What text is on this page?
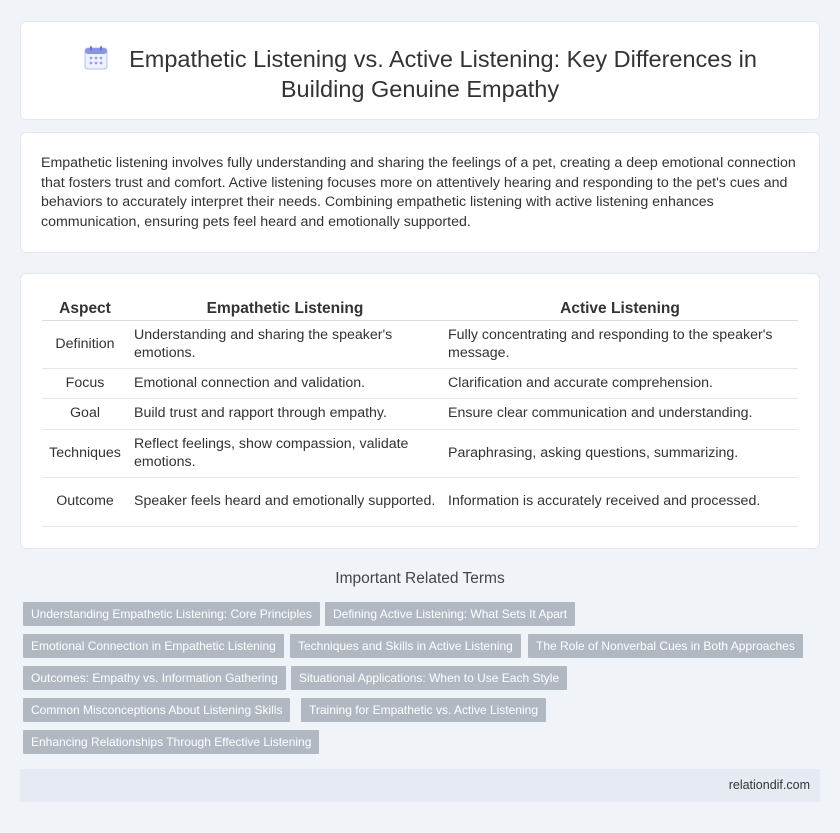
Empathetic Listening vs. Active Listening: Key Differences in Building Genuine Empathy

Empathetic listening involves fully understanding and sharing the feelings of a pet, creating a deep emotional connection that fosters trust and comfort. Active listening focuses more on attentively hearing and responding to the pet's cues and behaviors to accurately interpret their needs. Combining empathetic listening with active listening enhances communication, ensuring pets feel heard and emotionally supported.

Aspect	Empathetic Listening	Active Listening
Definition	Understanding and sharing the speaker's emotions.	Fully concentrating and responding to the speaker's message.
Focus	Emotional connection and validation.	Clarification and accurate comprehension.
Goal	Build trust and rapport through empathy.	Ensure clear communication and understanding.
Techniques	Reflect feelings, show compassion, validate emotions.	Paraphrasing, asking questions, summarizing.
Outcome	Speaker feels heard and emotionally supported.	Information is accurately received and processed.
Important Related Terms
Understanding Empathetic Listening: Core Principles	Defining Active Listening: What Sets It Apart
Emotional Connection in Empathetic Listening	Techniques and Skills in Active Listening	The Role of Nonverbal Cues in Both Approaches
Outcomes: Empathy vs. Information Gathering	Situational Applications: When to Use Each Style
Common Misconceptions About Listening Skills	Training for Empathetic vs. Active Listening
Enhancing Relationships Through Effective Listening
relationdif.com
